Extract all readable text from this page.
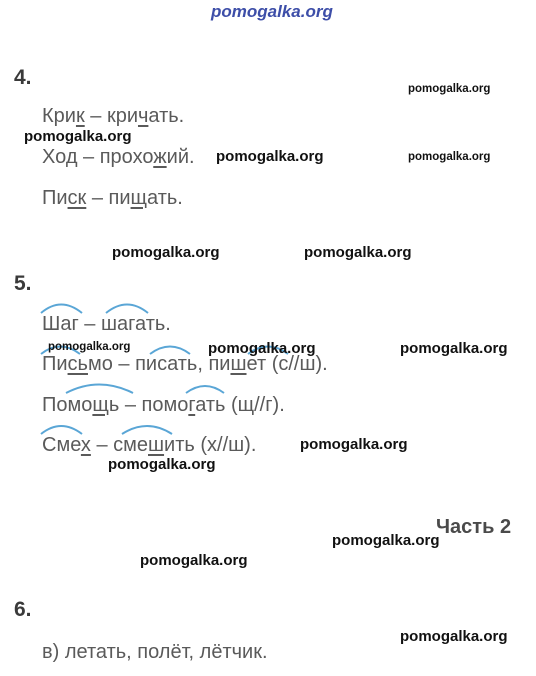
pomogalka.org
4.
Крик – кричать.
Ход – прохожий.
Писк – пищать.
pomogalka.org
pomogalka.org
pomogalka.org	pomogalka.org
pomogalka.org	pomogalka.org
5.
Шаг – шагать.
Письмо – писать, пишет (с//ш).
Помощь – помогать (щ//г).
Смех – смешить (х//ш).
pomogalka.org	pomogalka.org	pomogalka.org
pomogalka.org
pomogalka.org
Часть 2
pomogalka.org
pomogalka.org
6.
pomogalka.org
в) летать, полёт, лётчик.
